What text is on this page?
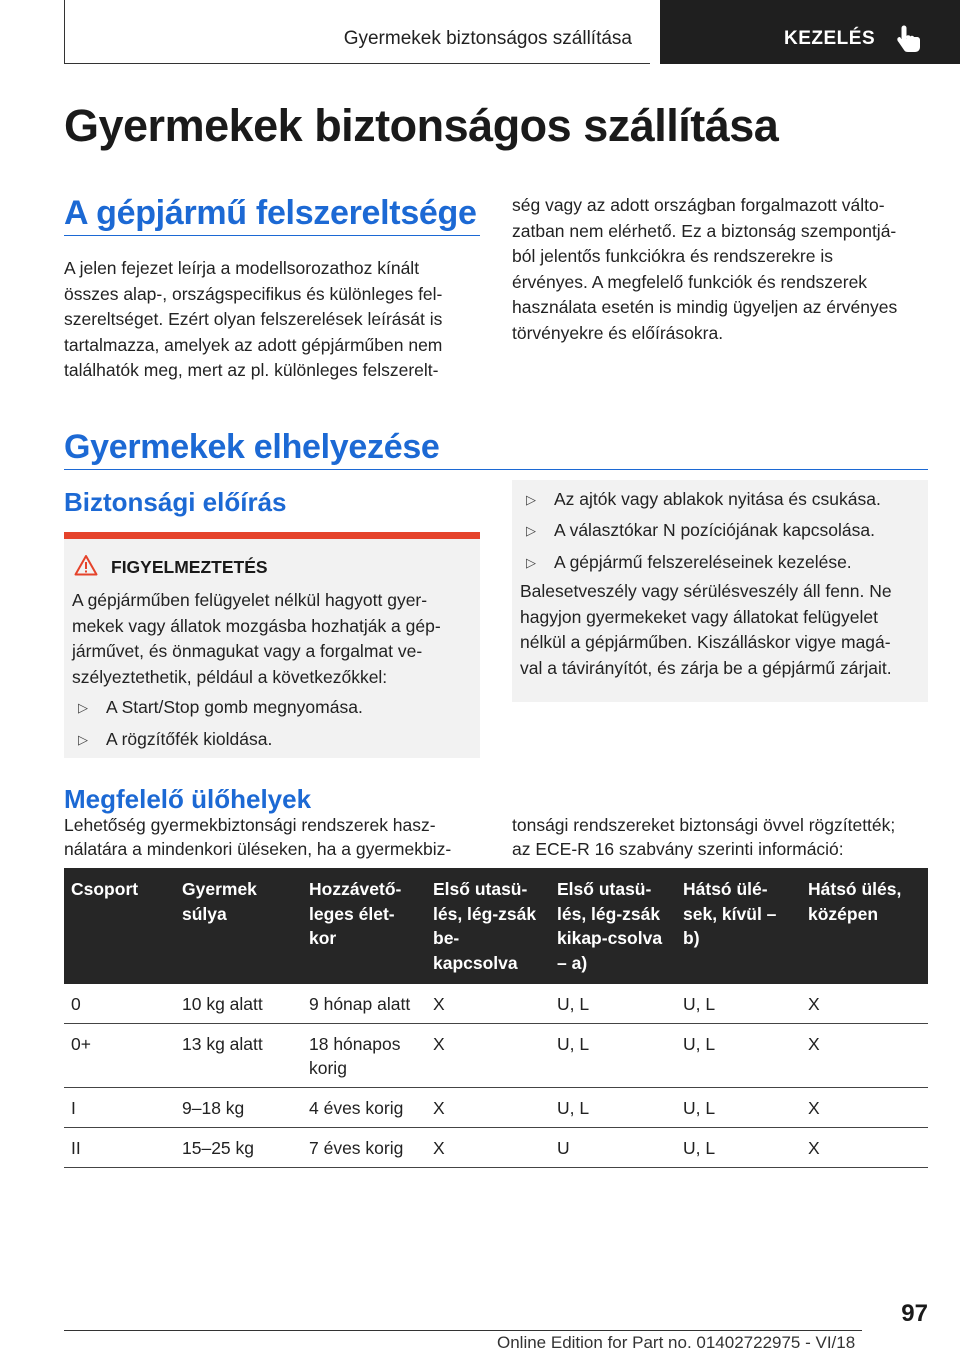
Gyermekek biztonságos szállítása	KEZELÉS
Gyermekek biztonságos szállítása
A gépjármű felszereltsége
A jelen fejezet leírja a modellsorozathoz kínált
összes alap-, országspecifikus és különleges fel-
szereltséget. Ezért olyan felszerelések leírását is
tartalmazza, amelyek az adott gépjárműben nem
találhatók meg, mert az pl. különleges felszerelt-
ség vagy az adott országban forgalmazott válto-
zatban nem elérhető. Ez a biztonság szempontjá-
ból jelentős funkciókra és rendszerekre is
érvényes. A megfelelő funkciók és rendszerek
használata esetén is mindig ügyeljen az érvényes
törvényekre és előírásokra.
Gyermekek elhelyezése
Biztonsági előírás
FIGYELMEZTETÉS
A gépjárműben felügyelet nélkül hagyott gyer-
mekek vagy állatok mozgásba hozhatják a gép-
járművet, és önmagukat vagy a forgalmat ve-
szélyeztethetik, például a következőkkel:
▷ A Start/Stop gomb megnyomása.
▷ A rögzítőfék kioldása.
▷ Az ajtók vagy ablakok nyitása és csukása.
▷ A választókar N pozíciójának kapcsolása.
▷ A gépjármű felszereléseinek kezelése.
Balesetveszély vagy sérülésveszély áll fenn. Ne
hagyjon gyermekeket vagy állatokat felügyelet
nélkül a gépjárműben. Kiszálláskor vigye magá-
val a távirányítót, és zárja be a gépjármű zárjait.
Megfelelő ülőhelyek
Lehetőség gyermekbiztonsági rendszerek hasz-
nálatára a mindenkori üléseken, ha a gyermekbiz-
tonsági rendszereket biztonsági övvel rögzítették;
az ECE-R 16 szabvány szerinti információ:
Csoport	Gyermek súlya	Hozzávető-leges élet-kor	Első utasü-lés, lég-zsák be-kapcsolva	Első utasü-lés, lég-zsák kikap-csolva – a)	Hátsó ülé-sek, kívül – b)	Hátsó ülés, középen
0	10 kg alatt	9 hónap alatt	X	U, L	U, L	X
0+	13 kg alatt	18 hónapos korig	X	U, L	U, L	X
I	9–18 kg	4 éves korig	X	U, L	U, L	X
II	15–25 kg	7 éves korig	X	U	U, L	X
97
Online Edition for Part no. 01402722975 - VI/18
